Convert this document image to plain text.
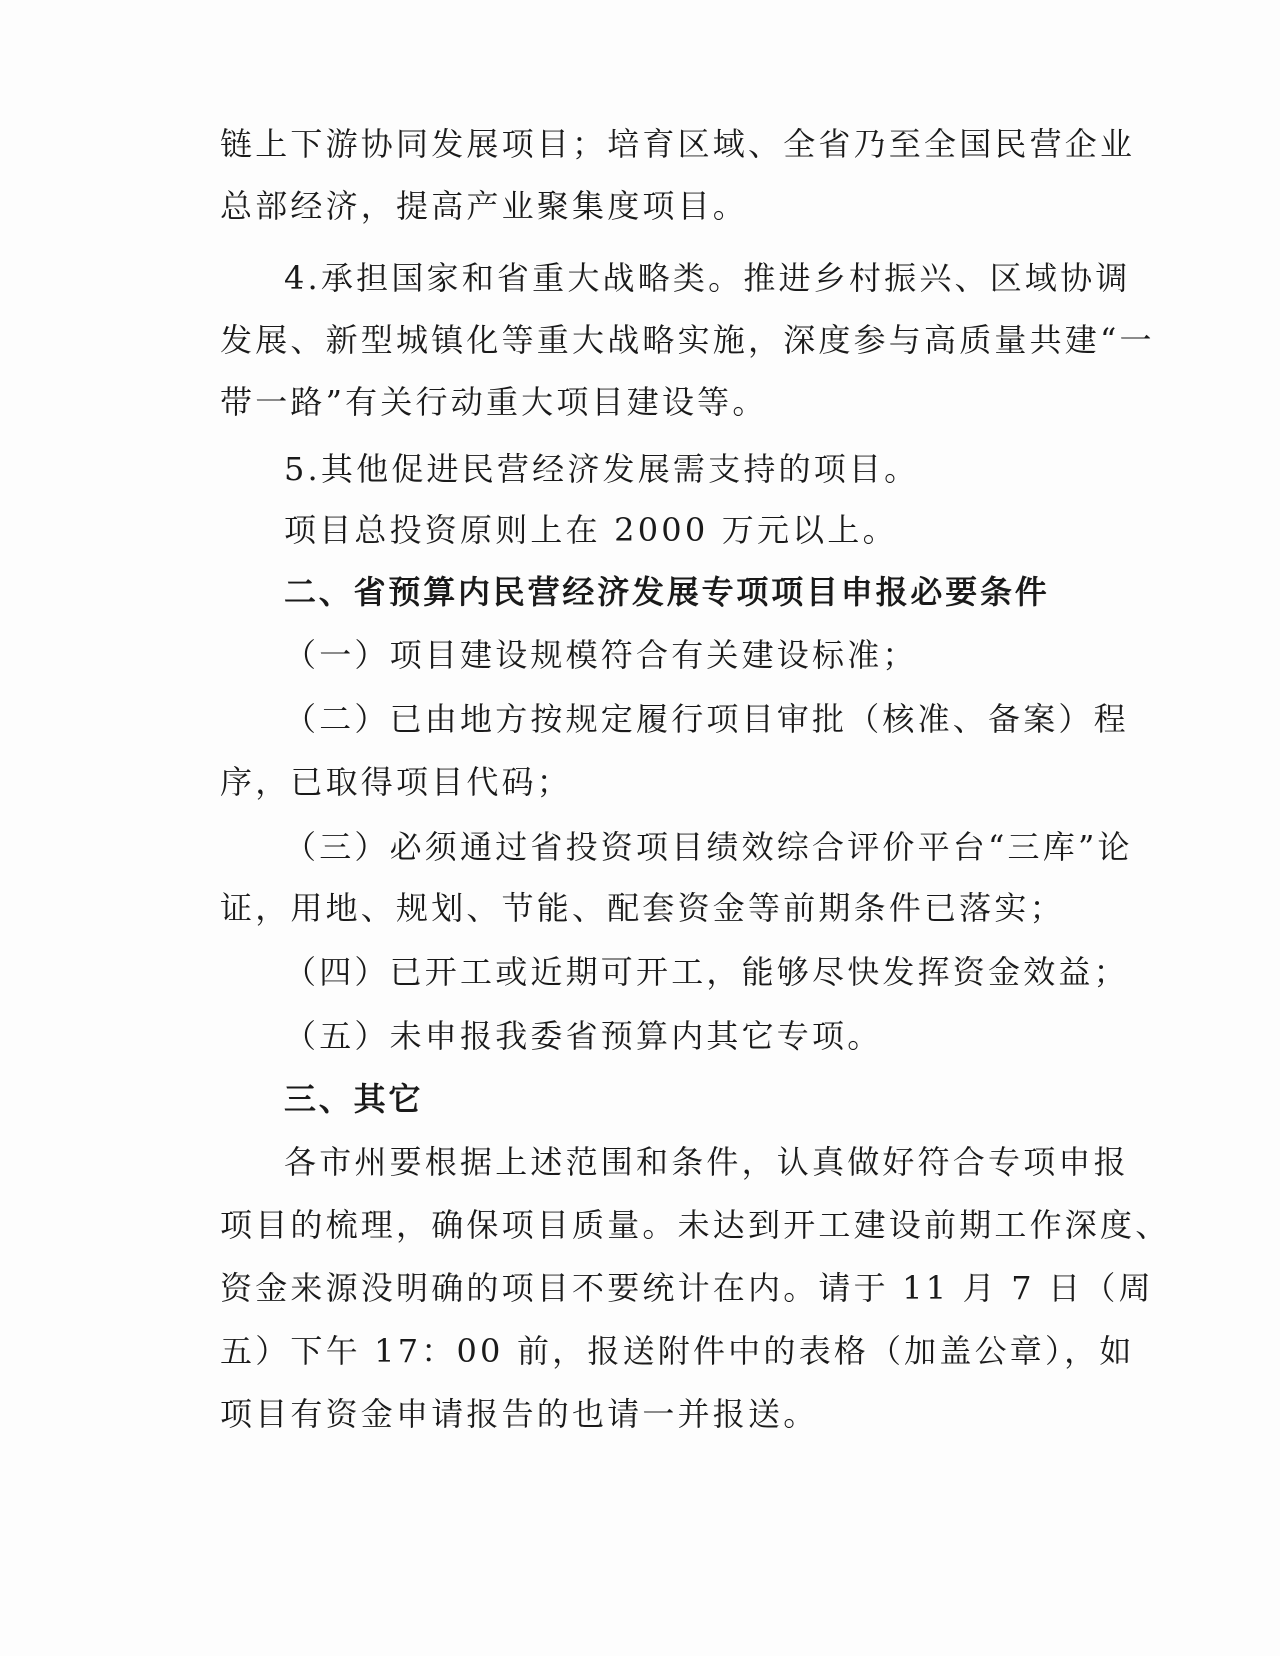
链上下游协同发展项目；培育区域、全省乃至全国民营企业
总部经济，提高产业聚集度项目。
4.承担国家和省重大战略类。推进乡村振兴、区域协调
发展、新型城镇化等重大战略实施，深度参与高质量共建“一
带一路”有关行动重大项目建设等。
5.其他促进民营经济发展需支持的项目。
项目总投资原则上在 2000 万元以上。
二、省预算内民营经济发展专项项目申报必要条件
（一）项目建设规模符合有关建设标准；
（二）已由地方按规定履行项目审批（核准、备案）程
序，已取得项目代码；
（三）必须通过省投资项目绩效综合评价平台“三库”论
证，用地、规划、节能、配套资金等前期条件已落实；
（四）已开工或近期可开工，能够尽快发挥资金效益；
（五）未申报我委省预算内其它专项。
三、其它
各市州要根据上述范围和条件，认真做好符合专项申报
项目的梳理，确保项目质量。未达到开工建设前期工作深度、
资金来源没明确的项目不要统计在内。请于 11 月 7 日（周
五）下午 17：00 前，报送附件中的表格（加盖公章），如
项目有资金申请报告的也请一并报送。
